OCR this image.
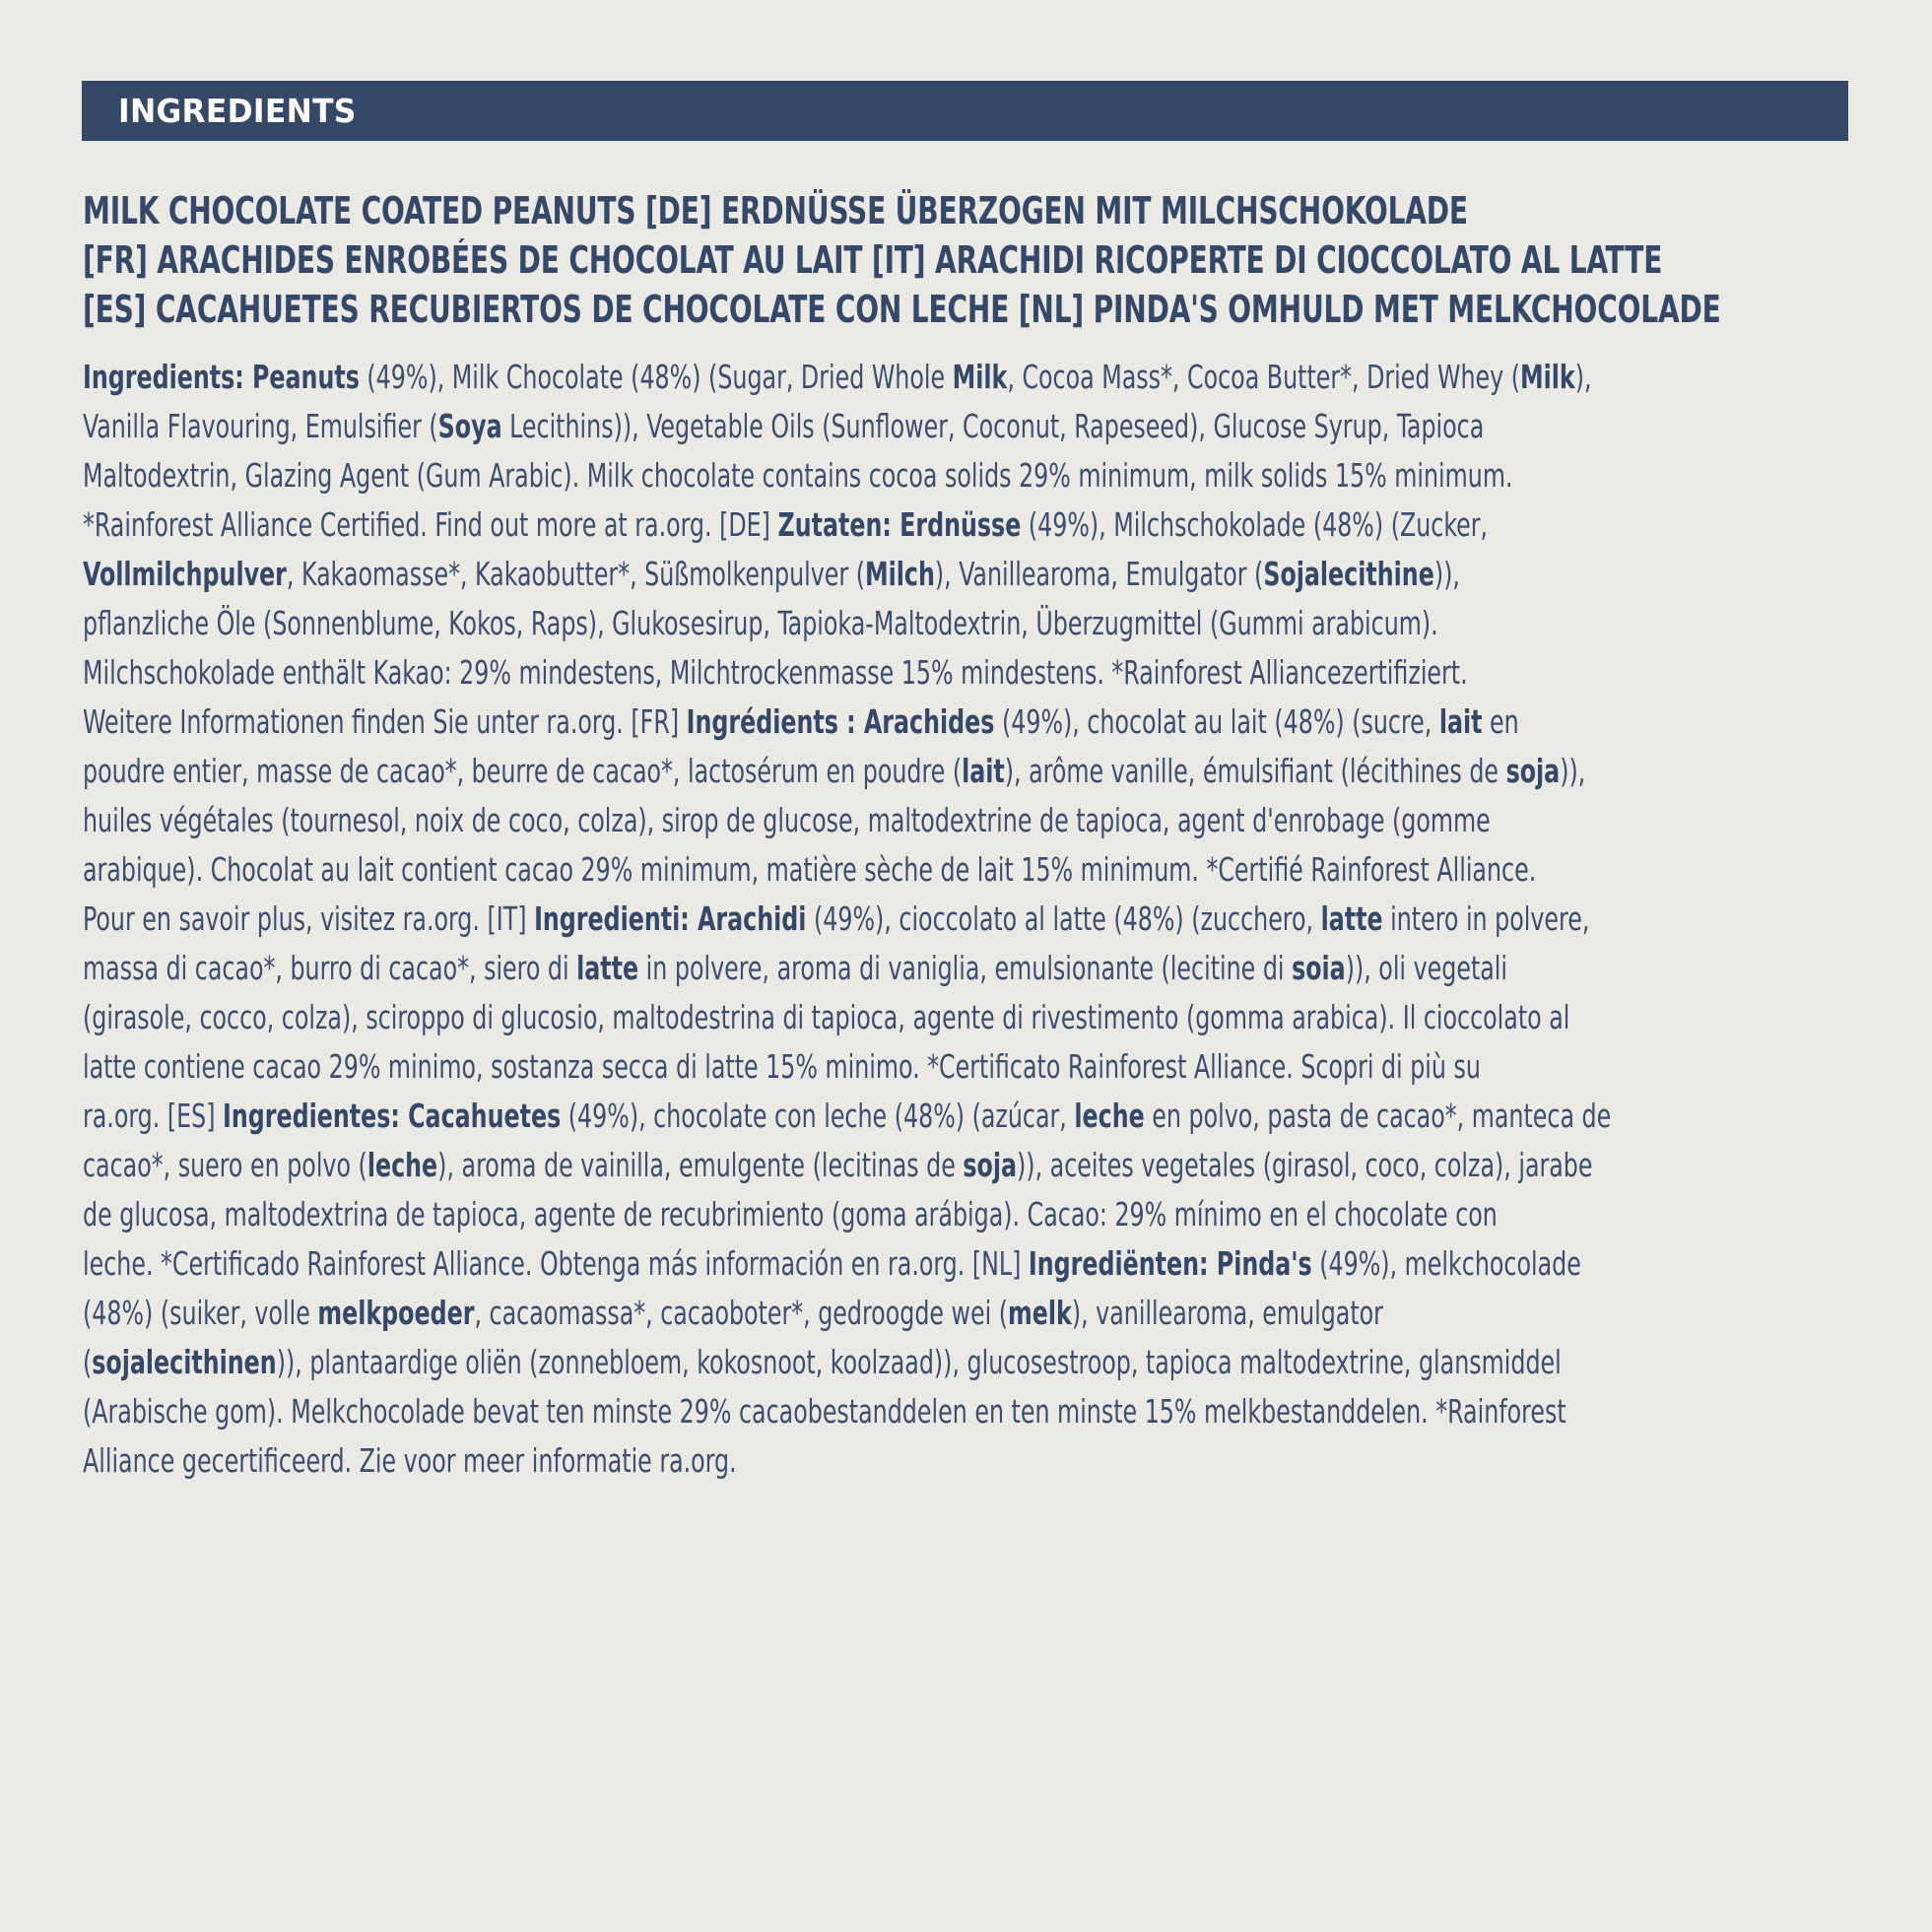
INGREDIENTS
MILK CHOCOLATE COATED PEANUTS [DE] ERDNÜSSE ÜBERZOGEN MIT MILCHSCHOKOLADE
[FR] ARACHIDES ENROBÉES DE CHOCOLAT AU LAIT [IT] ARACHIDI RICOPERTE DI CIOCCOLATO AL LATTE
[ES] CACAHUETES RECUBIERTOS DE CHOCOLATE CON LECHE [NL] PINDA'S OMHULD MET MELKCHOCOLADE
Ingredients: Peanuts (49%), Milk Chocolate (48%) (Sugar, Dried Whole Milk, Cocoa Mass*, Cocoa Butter*, Dried Whey (Milk),
Vanilla Flavouring, Emulsifier (Soya Lecithins)), Vegetable Oils (Sunflower, Coconut, Rapeseed), Glucose Syrup, Tapioca
Maltodextrin, Glazing Agent (Gum Arabic). Milk chocolate contains cocoa solids 29% minimum, milk solids 15% minimum.
*Rainforest Alliance Certified. Find out more at ra.org. [DE] Zutaten: Erdnüsse (49%), Milchschokolade (48%) (Zucker,
Vollmilchpulver, Kakaomasse*, Kakaobutter*, Süßmolkenpulver (Milch), Vanillearoma, Emulgator (Sojalecithine)),
pflanzliche Öle (Sonnenblume, Kokos, Raps), Glukosesirup, Tapioka-Maltodextrin, Überzugmittel (Gummi arabicum).
Milchschokolade enthält Kakao: 29% mindestens, Milchtrockenmasse 15% mindestens. *Rainforest Alliancezertifiziert.
Weitere Informationen finden Sie unter ra.org. [FR] Ingrédients : Arachides (49%), chocolat au lait (48%) (sucre, lait en
poudre entier, masse de cacao*, beurre de cacao*, lactosérum en poudre (lait), arôme vanille, émulsifiant (lécithines de soja)),
huiles végétales (tournesol, noix de coco, colza), sirop de glucose, maltodextrine de tapioca, agent d'enrobage (gomme
arabique). Chocolat au lait contient cacao 29% minimum, matière sèche de lait 15% minimum. *Certifié Rainforest Alliance.
Pour en savoir plus, visitez ra.org. [IT] Ingredienti: Arachidi (49%), cioccolato al latte (48%) (zucchero, latte intero in polvere,
massa di cacao*, burro di cacao*, siero di latte in polvere, aroma di vaniglia, emulsionante (lecitine di soia)), oli vegetali
(girasole, cocco, colza), sciroppo di glucosio, maltodestrina di tapioca, agente di rivestimento (gomma arabica). Il cioccolato al
latte contiene cacao 29% minimo, sostanza secca di latte 15% minimo. *Certificato Rainforest Alliance. Scopri di più su
ra.org. [ES] Ingredientes: Cacahuetes (49%), chocolate con leche (48%) (azúcar, leche en polvo, pasta de cacao*, manteca de
cacao*, suero en polvo (leche), aroma de vainilla, emulgente (lecitinas de soja)), aceites vegetales (girasol, coco, colza), jarabe
de glucosa, maltodextrina de tapioca, agente de recubrimiento (goma arábiga). Cacao: 29% mínimo en el chocolate con
leche. *Certificado Rainforest Alliance. Obtenga más información en ra.org. [NL] Ingrediënten: Pinda's (49%), melkchocolade
(48%) (suiker, volle melkpoeder, cacaomassa*, cacaoboter*, gedroogde wei (melk), vanillearoma, emulgator
(sojalecithinen)), plantaardige oliën (zonnebloem, kokosnoot, koolzaad)), glucosestroop, tapioca maltodextrine, glansmiddel
(Arabische gom). Melkchocolade bevat ten minste 29% cacaobestanddelen en ten minste 15% melkbestanddelen. *Rainforest
Alliance gecertificeerd. Zie voor meer informatie ra.org.
